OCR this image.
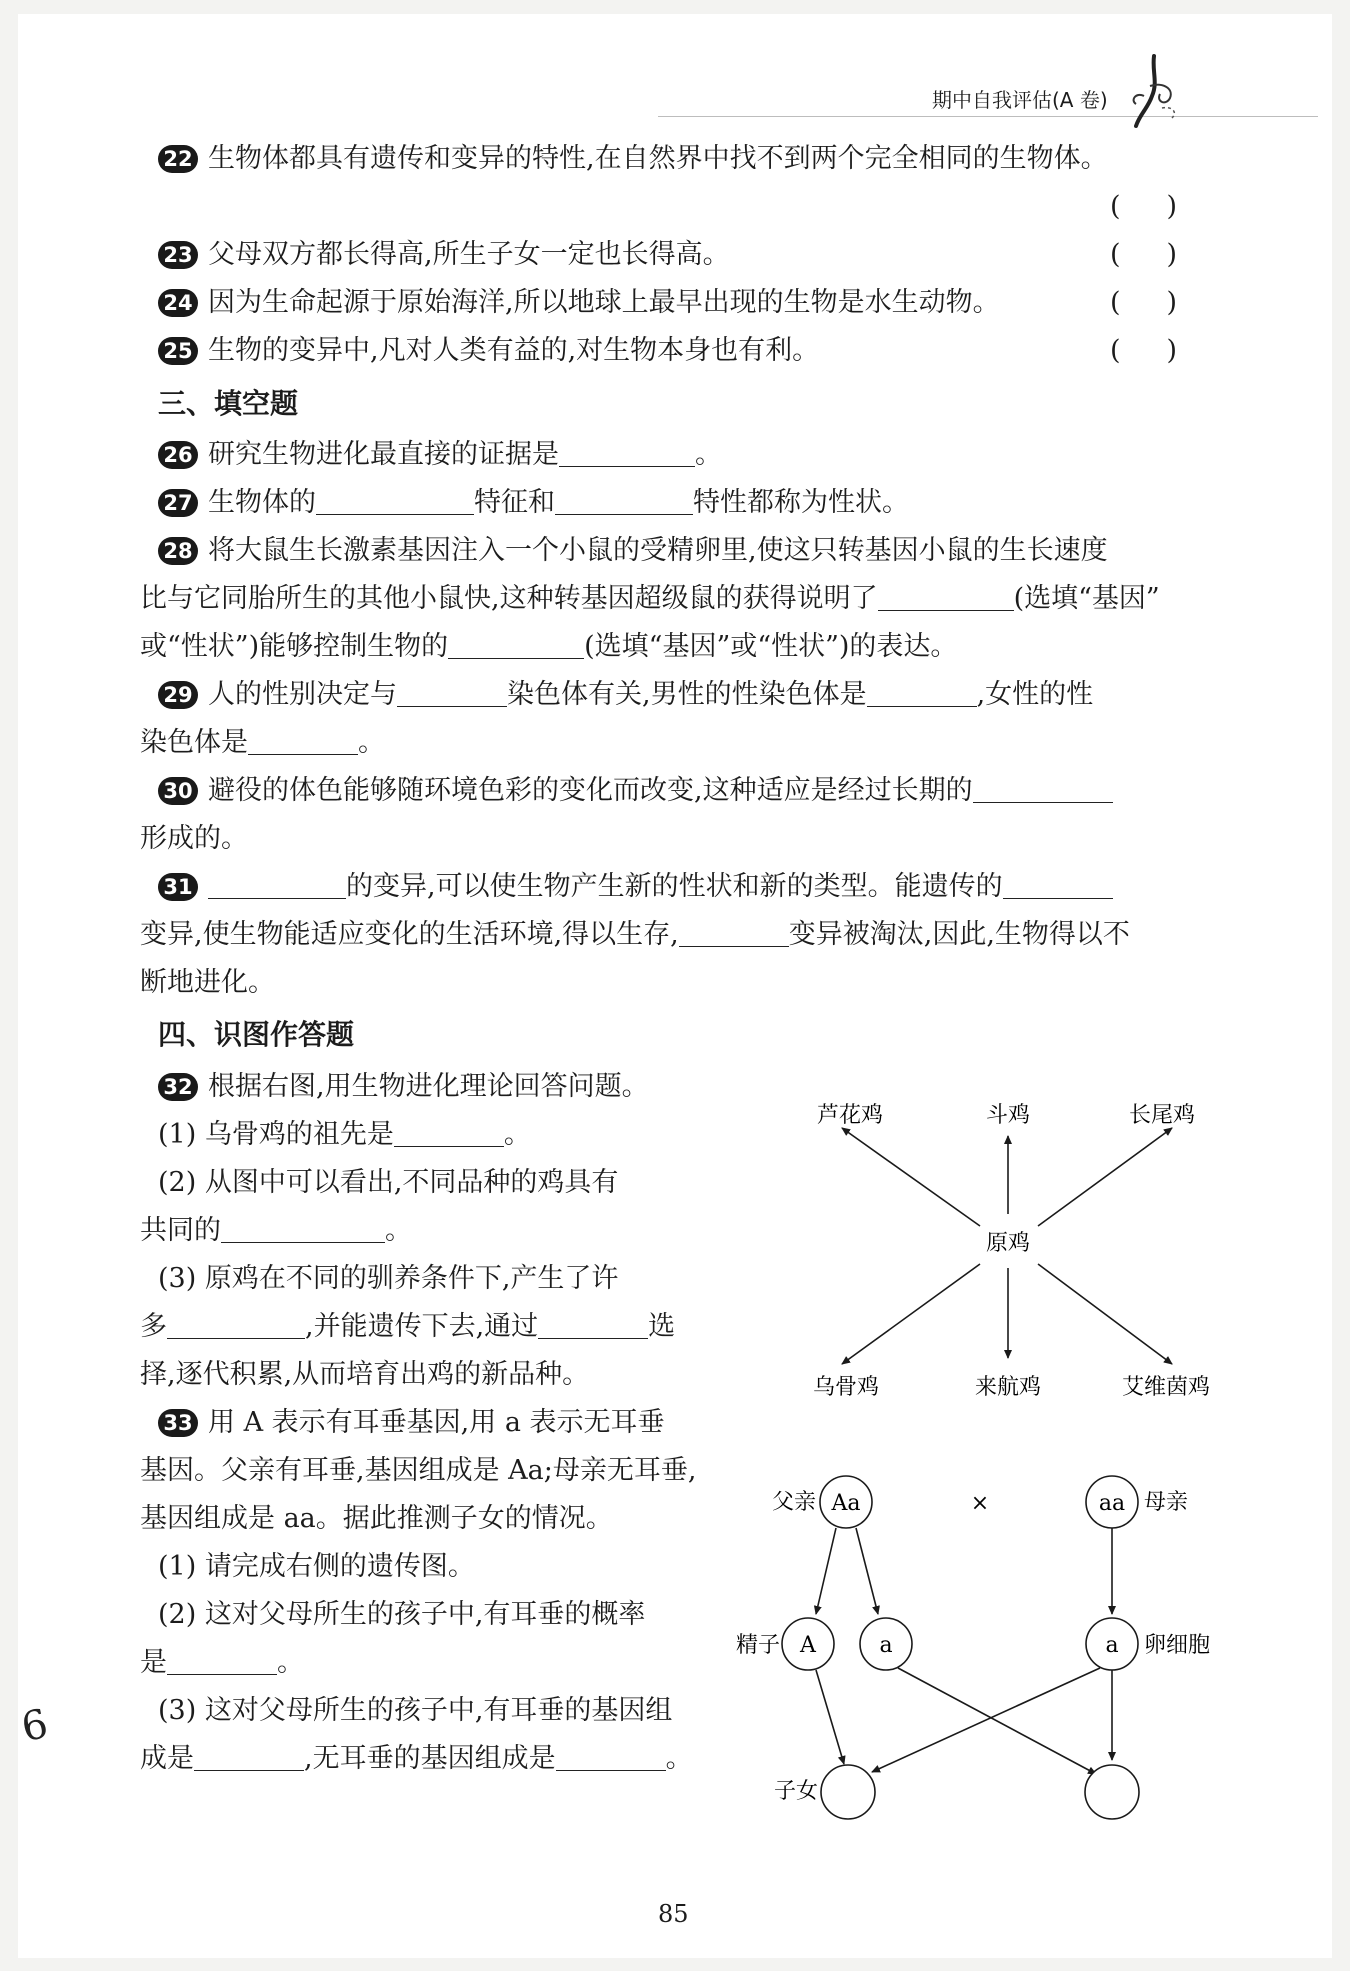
期中自我评估(A 卷)
22 生物体都具有遗传和变异的特性,在自然界中找不到两个完全相同的生物体。
( )
23 父母双方都长得高,所生子女一定也长得高。	( )
24 因为生命起源于原始海洋,所以地球上最早出现的生物是水生动物。	( )
25 生物的变异中,凡对人类有益的,对生物本身也有利。	( )
三、填空题
26 研究生物进化最直接的证据是	。
27 生物体的	特征和	特性都称为性状。
28 将大鼠生长激素基因注入一个小鼠的受精卵里,使这只转基因小鼠的生长速度
比与它同胎所生的其他小鼠快,这种转基因超级鼠的获得说明了	(选填“基因”
或“性状”)能够控制生物的	(选填“基因”或“性状”)的表达。
29 人的性别决定与	染色体有关,男性的性染色体是	,女性的性
染色体是	。
30 避役的体色能够随环境色彩的变化而改变,这种适应是经过长期的
形成的。
31	的变异,可以使生物产生新的性状和新的类型。能遗传的
变异,使生物能适应变化的生活环境,得以生存,	变异被淘汰,因此,生物得以不
断地进化。
四、识图作答题
32 根据右图,用生物进化理论回答问题。
(1) 乌骨鸡的祖先是	。
(2) 从图中可以看出,不同品种的鸡具有
共同的	。
(3) 原鸡在不同的驯养条件下,产生了许
多	,并能遗传下去,通过	选
择,逐代积累,从而培育出鸡的新品种。
33 用 A 表示有耳垂基因,用 a 表示无耳垂
基因。父亲有耳垂,基因组成是 Aa;母亲无耳垂,
基因组成是 aa。据此推测子女的情况。
(1) 请完成右侧的遗传图。
(2) 这对父母所生的孩子中,有耳垂的概率
是	。
(3) 这对父母所生的孩子中,有耳垂的基因组
成是	,无耳垂的基因组成是	。
原鸡
芦花鸡	斗鸡	长尾鸡
乌骨鸡	来航鸡	艾维茵鸡
父亲 Aa	×	aa 母亲
精子 A	a	a 卵细胞
子女
6
85
